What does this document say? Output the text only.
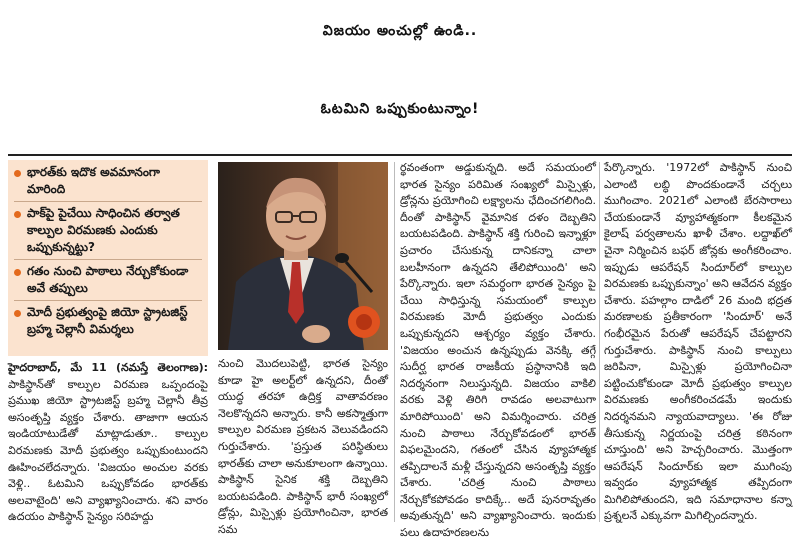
విజయం అంచుల్లో ఉండి..
ఓటమిని ఒప్పుకుంటున్నాం!
భారత్‌కు ఇదొక అవమానంగా మారింది
పాక్‌పై పైచేయి సాధించిన తర్వాత కాల్పుల విరమణకు ఎందుకు ఒప్పుకున్నట్టు?
గతం నుంచి పాఠాలు నేర్చుకోకుండా అవే తప్పులు
మోదీ ప్రభుత్వంపై జియో స్ట్రాటజిస్ట్ బ్రహ్మ చెల్లానీ విమర్శలు

హైదరాబాద్, మే 11 (నమస్తే తెలంగాణ): పాకిస్థాన్‌తో కాల్పుల విరమణ ఒప్పందంపై ప్రముఖ జియో స్ట్రాటజిస్ట్ బ్రహ్మ చెల్లానీ తీవ్ర అసంతృప్తి వ్యక్తం చేశారు. తాజాగా ఆయన ఇండియాటుడేతో మాట్లాడుతూ.. కాల్పుల విరమణకు మోదీ ప్రభుత్వం ఒప్పుకుంటుందని ఊహించలేదన్నారు. 'విజయం అంచుల వరకు వెళ్లి.. ఓటమిని ఒప్పుకోవడం భారత్‌కు అలవాటైంది' అని వ్యాఖ్యానించారు. శని వారం ఉదయం పాకిస్థాన్ సైన్యం సరిహద్దు

నుంచి మొదలుపెట్టి, భారత సైన్యం కూడా హై అలర్ట్‌లో ఉన్నదని, దీంతో యుద్ధ తరహా ఉద్రిక్త వాతావరణం నెలకొన్నదని అన్నారు. కానీ అకస్మాత్తుగా కాల్పుల విరమణ ప్రకటన వెలువడిందని గుర్తుచేశారు. 'ప్రస్తుత పరిస్థితులు భారత్‌కు చాలా అనుకూలంగా ఉన్నాయి. పాకిస్థాన్ సైనిక శక్తి దెబ్బతిని బయటపడింది. పాకిస్థాన్ భారీ సంఖ్యలో డ్రోన్లు, మిస్సైళ్లు ప్రయోగించినా, భారత సమ

ర్థవంతంగా అడ్డుకున్నది. అదే సమయంలో భారత సైన్యం పరిమిత సంఖ్యలో మిస్సైళ్లు, డ్రోన్లను ప్రయోగించి లక్ష్యాలను ఛేదించగలిగింది. దీంతో పాకిస్థాన్ వైమానిక దళం దెబ్బతిని బయటపడింది. పాకిస్థాన్ శక్తి గురించి ఇన్నాళ్లూ ప్రచారం చేసుకున్న దానికన్నా చాలా బలహీనంగా ఉన్నదని తేలిపోయింది' అని పేర్కొన్నారు. ఇలా సమర్థంగా భారత సైన్యం పై చేయి సాధిస్తున్న సమయంలో కాల్పుల విరమణకు మోదీ ప్రభుత్వం ఎందుకు ఒప్పుకున్నదని ఆశ్చర్యం వ్యక్తం చేశారు. 'విజయం అంచున ఉన్నప్పుడు వెనక్కి తగ్గే సుదీర్ఘ భారత రాజకీయ ప్రస్థానానికి ఇది నిదర్శనంగా నిలుస్తున్నది. విజయం వాకిలి వరకు వెళ్లి తిరిగి రావడం అలవాటుగా మారిపోయింది' అని విమర్శించారు. చరిత్ర నుంచి పాఠాలు నేర్చుకోవడంలో భారత్ విఫలమైందని, గతంలో చేసిన వ్యూహాత్మక తప్పిదాలనే మళ్లీ చేస్తున్నదని అసంతృప్తి వ్యక్తం చేశారు. 'చరిత్ర నుంచి పాఠాలు నేర్చుకోకపోవడం కాదిక్కే.. అదే పునరావృతం అవుతున్నది' అని వ్యాఖ్యానించారు. ఇందుకు పలు ఉదాహరణలను

పేర్కొన్నారు. '1972లో పాకిస్థాన్ నుంచి ఎలాంటి లబ్ధి పొందకుండానే చర్చలు ముగించాం. 2021లో ఎలాంటి బేరసారాలు చేయకుండానే వ్యూహాత్మకంగా కీలకమైన కైలాష్ పర్వతాలను ఖాళీ చేశాం. లద్దాఖ్‌లో చైనా నిర్మించిన బఫర్ జోన్లకు అంగీకరించాం. ఇప్పుడు ఆపరేషన్ సిందూర్‌లో కాల్పుల విరమణకు ఒప్పుకున్నాం' అని ఆవేదన వ్యక్తం చేశారు. పహల్గాం దాడిలో 26 మంది భద్రత మరణాలకు ప్రతీకారంగా 'సిందూర్' అనే గంభీరమైన పేరుతో ఆపరేషన్ చేపట్టారని గుర్తుచేశారు. పాకిస్థాన్ నుంచి కాల్పులు జరిపినా, మిస్సైళ్లు ప్రయోగించినా పట్టించుకోకుండా మోదీ ప్రభుత్వం కాల్పుల విరమణకు అంగీకరించడమే ఇందుకు నిదర్శనమని న్యాయవాద్యాలు. 'ఈ రోజు తీసుకున్న నిర్ణయంపై చరిత్ర కఠినంగా చూస్తుంది' అని హెచ్చరించారు. మొత్తంగా ఆపరేషన్ సిందూర్‌కు ఇలా ముగింపు ఇవ్వడం వ్యూహాత్మక తప్పిదంగా మిగిలిపోతుందని, ఇది సమాధానాల కన్నా ప్రశ్నలనే ఎక్కువగా మిగిల్చిందన్నారు.
